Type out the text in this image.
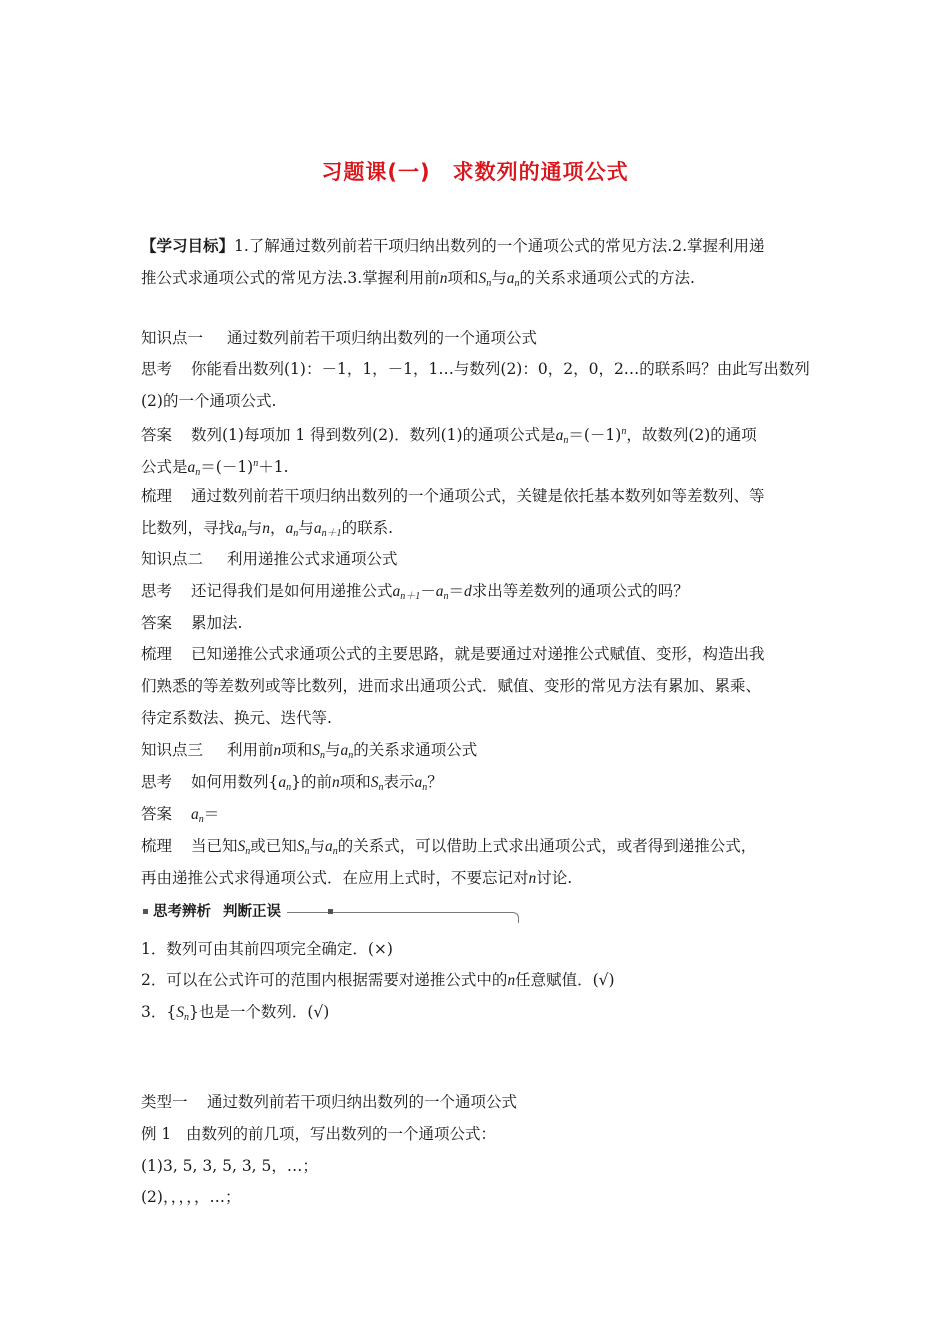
习题课(一) 求数列的通项公式
【学习目标】1.了解通过数列前若干项归纳出数列的一个通项公式的常见方法.2.掌握利用递
推公式求通项公式的常见方法.3.掌握利用前n项和$S_n$与$a_n$的关系求通项公式的方法.
知识点一 通过数列前若干项归纳出数列的一个通项公式
思考 你能看出数列(1)：－1，1，－1，1…与数列(2)：0，2，0，2…的联系吗？由此写出数列
(2)的一个通项公式.
答案 数列(1)每项加 1 得到数列(2)．数列(1)的通项公式是$a_n=(-1)^n$，故数列(2)的通项
公式是$a_n=(-1)^n+1$.
梳理 通过数列前若干项归纳出数列的一个通项公式，关键是依托基本数列如等差数列、等
比数列，寻找$a_n$与n，$a_n$与$a_{n+1}$的联系.
知识点二 利用递推公式求通项公式
思考 还记得我们是如何用递推公式$a_{n+1}-a_n=d$求出等差数列的通项公式的吗？
答案 累加法.
梳理 已知递推公式求通项公式的主要思路，就是要通过对递推公式赋值、变形，构造出我
们熟悉的等差数列或等比数列，进而求出通项公式．赋值、变形的常见方法有累加、累乘、
待定系数法、换元、迭代等.
知识点三 利用前n项和$S_n$与$a_n$的关系求通项公式
思考 如何用数列$\{a_n\}$的前n项和$S_n$表示$a_n$？
答案 $a_n=$
梳理 当已知$S_n$或已知$S_n$与$a_n$的关系式，可以借助上式求出通项公式，或者得到递推公式，
再由递推公式求得通项公式．在应用上式时，不要忘记对n讨论.
思考辨析 判断正误
1．数列可由其前四项完全确定．(×)
2．可以在公式许可的范围内根据需要对递推公式中的n任意赋值．(√)
3．$\{S_n\}$也是一个数列．(√)
类型一 通过数列前若干项归纳出数列的一个通项公式
例 1 由数列的前几项，写出数列的一个通项公式：
(1)3, 5, 3, 5, 3, 5，…；
(2)，，，，，…；
